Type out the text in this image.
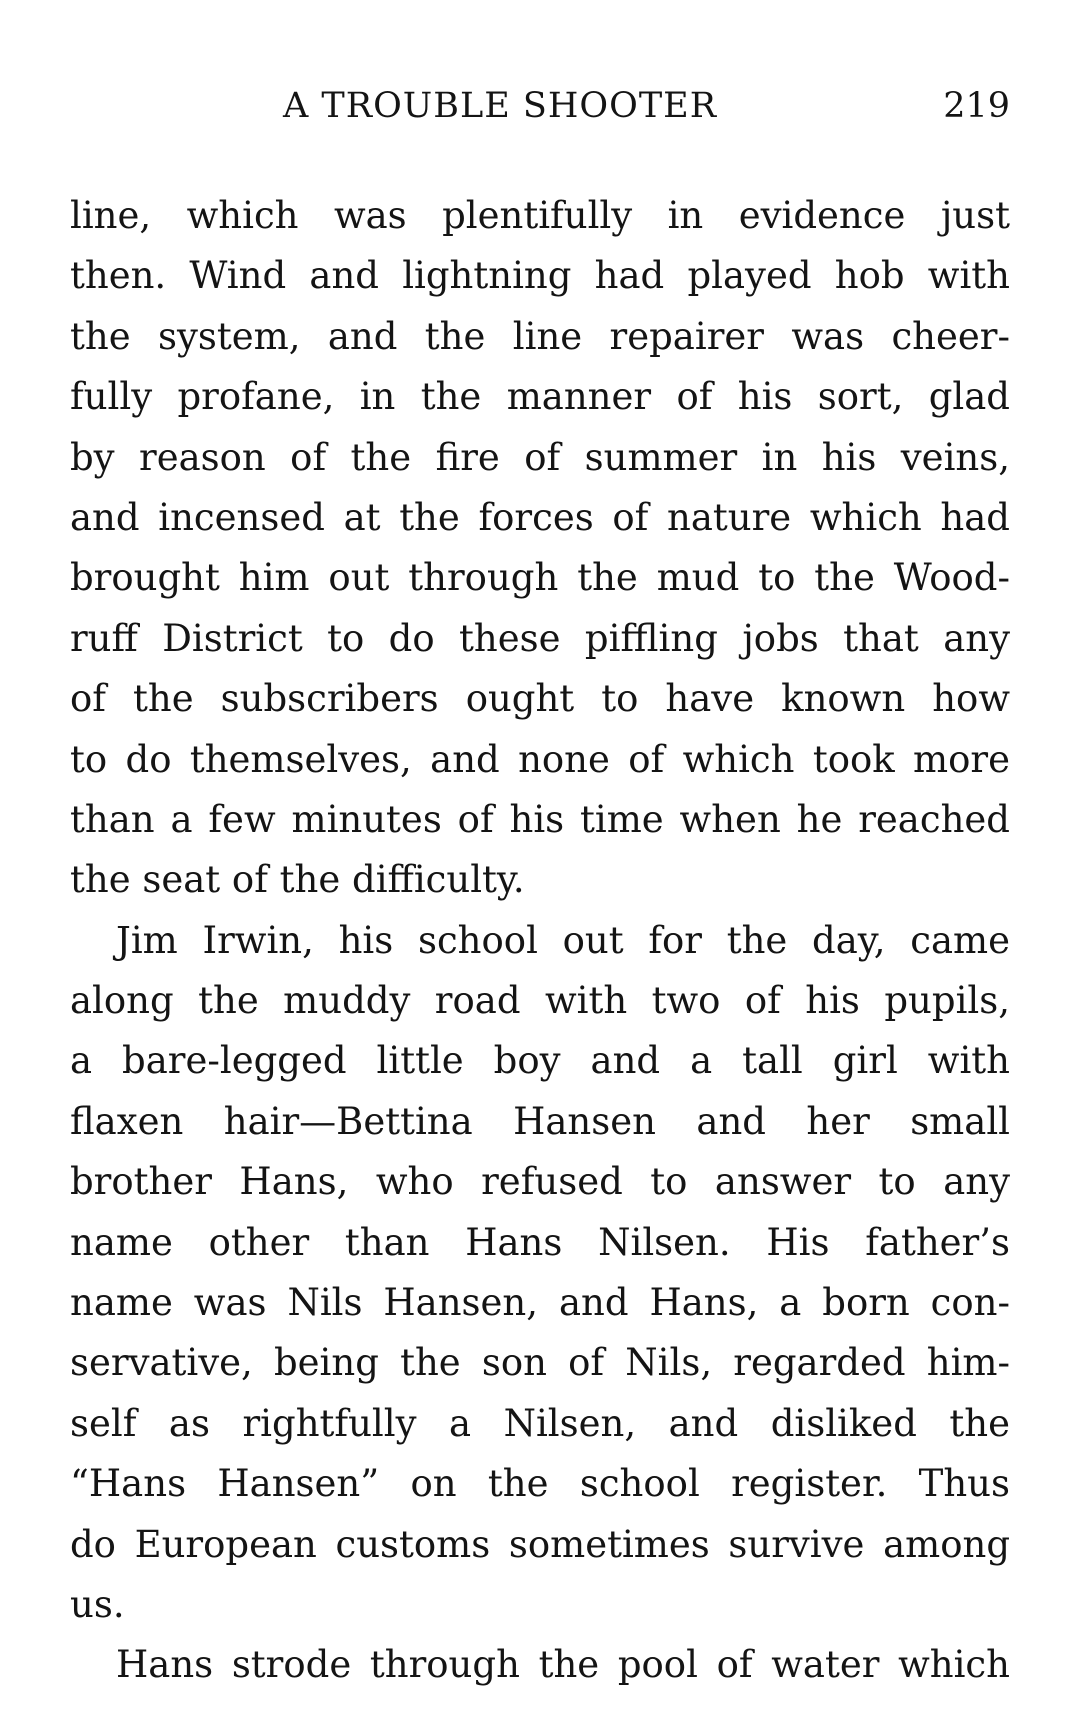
A TROUBLE SHOOTER	219
line, which was plentifully in evidence just
then. Wind and lightning had played hob with
the system, and the line repairer was cheer-
fully profane, in the manner of his sort, glad
by reason of the fire of summer in his veins,
and incensed at the forces of nature which had
brought him out through the mud to the Wood-
ruff District to do these piffling jobs that any
of the subscribers ought to have known how
to do themselves, and none of which took more
than a few minutes of his time when he reached
the seat of the difficulty.
Jim Irwin, his school out for the day, came
along the muddy road with two of his pupils,
a bare-legged little boy and a tall girl with
flaxen hair—Bettina Hansen and her small
brother Hans, who refused to answer to any
name other than Hans Nilsen. His father’s
name was Nils Hansen, and Hans, a born con-
servative, being the son of Nils, regarded him-
self as rightfully a Nilsen, and disliked the
“Hans Hansen” on the school register. Thus
do European customs sometimes survive among
us.
Hans strode through the pool of water which
